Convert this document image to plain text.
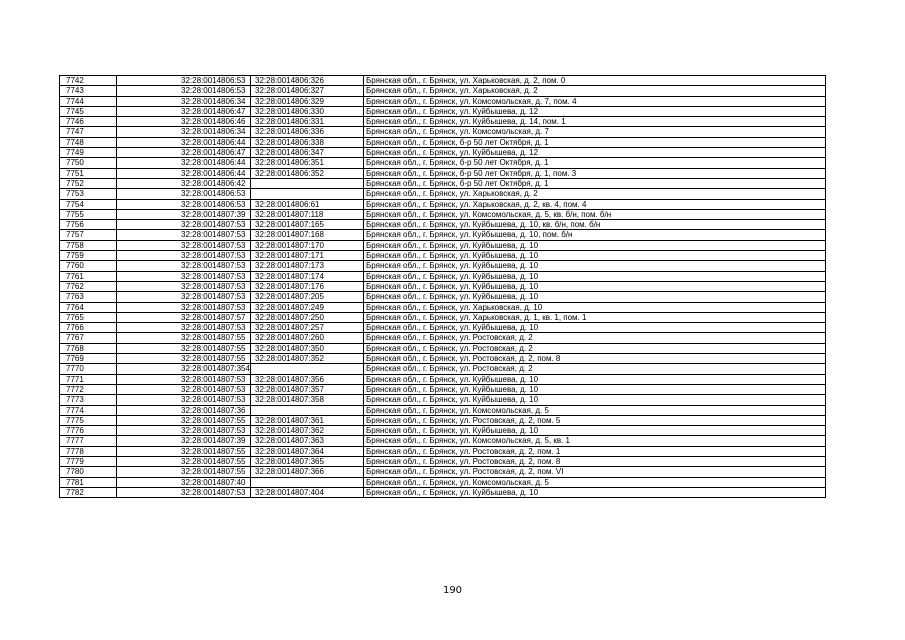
7742	32:28:0014806:53	32:28:0014806:326	Брянская обл., г. Брянск, ул. Харьковская, д. 2, пом. 0
7743	32:28:0014806:53	32:28:0014806:327	Брянская обл., г. Брянск, ул. Харьковская, д. 2
7744	32:28:0014806:34	32:28:0014806:329	Брянская обл., г. Брянск, ул. Комсомольская, д. 7, пом. 4
7745	32:28:0014806:47	32:28:0014806:330	Брянская обл., г. Брянск, ул. Куйбышева, д. 12
7746	32:28:0014806:46	32:28:0014806:331	Брянская обл., г. Брянск, ул. Куйбышева, д. 14, пом. 1
7747	32:28:0014806:34	32:28:0014806:336	Брянская обл., г. Брянск, ул. Комсомольская, д. 7
7748	32:28:0014806:44	32:28:0014806:338	Брянская обл., г. Брянск, б-р 50 лет Октября, д. 1
7749	32:28:0014806:47	32:28:0014806:347	Брянская обл., г. Брянск, ул. Куйбышева, д. 12
7750	32:28:0014806:44	32:28:0014806:351	Брянская обл., г. Брянск, б-р 50 лет Октября, д. 1
7751	32:28:0014806:44	32:28:0014806:352	Брянская обл., г. Брянск, б-р 50 лет Октября, д. 1, пом. 3
7752	32:28:0014806:42		Брянская обл., г. Брянск, б-р 50 лет Октября, д. 1
7753	32:28:0014806:53		Брянская обл., г. Брянск, ул. Харьковская, д. 2
7754	32:28:0014806:53	32:28:0014806:61	Брянская обл., г. Брянск, ул. Харьковская, д. 2, кв. 4, пом. 4
7755	32:28:0014807:39	32:28:0014807:118	Брянская обл., г. Брянск, ул. Комсомольская, д. 5, кв. б/н, пом. б/н
7756	32:28:0014807:53	32:28:0014807:165	Брянская обл., г. Брянск, ул. Куйбышева, д. 10, кв. б/н, пом. б/н
7757	32:28:0014807:53	32:28:0014807:168	Брянская обл., г. Брянск, ул. Куйбышева, д. 10, пом. б/н
7758	32:28:0014807:53	32:28:0014807:170	Брянская обл., г. Брянск, ул. Куйбышева, д. 10
7759	32:28:0014807:53	32:28:0014807:171	Брянская обл., г. Брянск, ул. Куйбышева, д. 10
7760	32:28:0014807:53	32:28:0014807:173	Брянская обл., г. Брянск, ул. Куйбышева, д. 10
7761	32:28:0014807:53	32:28:0014807:174	Брянская обл., г. Брянск, ул. Куйбышева, д. 10
7762	32:28:0014807:53	32:28:0014807:176	Брянская обл., г. Брянск, ул. Куйбышева, д. 10
7763	32:28:0014807:53	32:28:0014807:205	Брянская обл., г. Брянск, ул. Куйбышева, д. 10
7764	32:28:0014807:53	32:28:0014807:249	Брянская обл., г. Брянск, ул. Харьковская, д. 10
7765	32:28:0014807:57	32:28:0014807:250	Брянская обл., г. Брянск, ул. Харьковская, д. 1, кв. 1, пом. 1
7766	32:28:0014807:53	32:28:0014807:257	Брянская обл., г. Брянск, ул. Куйбышева, д. 10
7767	32:28:0014807:55	32:28:0014807:260	Брянская обл., г. Брянск, ул. Ростовская, д. 2
7768	32:28:0014807:55	32:28:0014807:350	Брянская обл., г. Брянск, ул. Ростовская, д. 2
7769	32:28:0014807:55	32:28:0014807:352	Брянская обл., г. Брянск, ул. Ростовская, д. 2, пом. 8
7770	32:28:0014807:354		Брянская обл., г. Брянск, ул. Ростовская, д. 2
7771	32:28:0014807:53	32:28:0014807:356	Брянская обл., г. Брянск, ул. Куйбышева, д. 10
7772	32:28:0014807:53	32:28:0014807:357	Брянская обл., г. Брянск, ул. Куйбышева, д. 10
7773	32:28:0014807:53	32:28:0014807:358	Брянская обл., г. Брянск, ул. Куйбышева, д. 10
7774	32:28:0014807:36		Брянская обл., г. Брянск, ул. Комсомольская, д. 5
7775	32:28:0014807:55	32:28:0014807:361	Брянская обл., г. Брянск, ул. Ростовская, д. 2, пом. 5
7776	32:28:0014807:53	32:28:0014807:362	Брянская обл., г. Брянск, ул. Куйбышева, д. 10
7777	32:28:0014807:39	32:28:0014807:363	Брянская обл., г. Брянск, ул. Комсомольская, д. 5, кв. 1
7778	32:28:0014807:55	32:28:0014807:364	Брянская обл., г. Брянск, ул. Ростовская, д. 2, пом. 1
7779	32:28:0014807:55	32:28:0014807:365	Брянская обл., г. Брянск, ул. Ростовская, д. 2, пом. 8
7780	32:28:0014807:55	32:28:0014807:366	Брянская обл., г. Брянск, ул. Ростовская, д. 2, пом. VI
7781	32:28:0014807:40		Брянская обл., г. Брянск, ул. Комсомольская, д. 5
7782	32:28:0014807:53	32:28:0014807:404	Брянская обл., г. Брянск, ул. Куйбышева, д. 10
190
